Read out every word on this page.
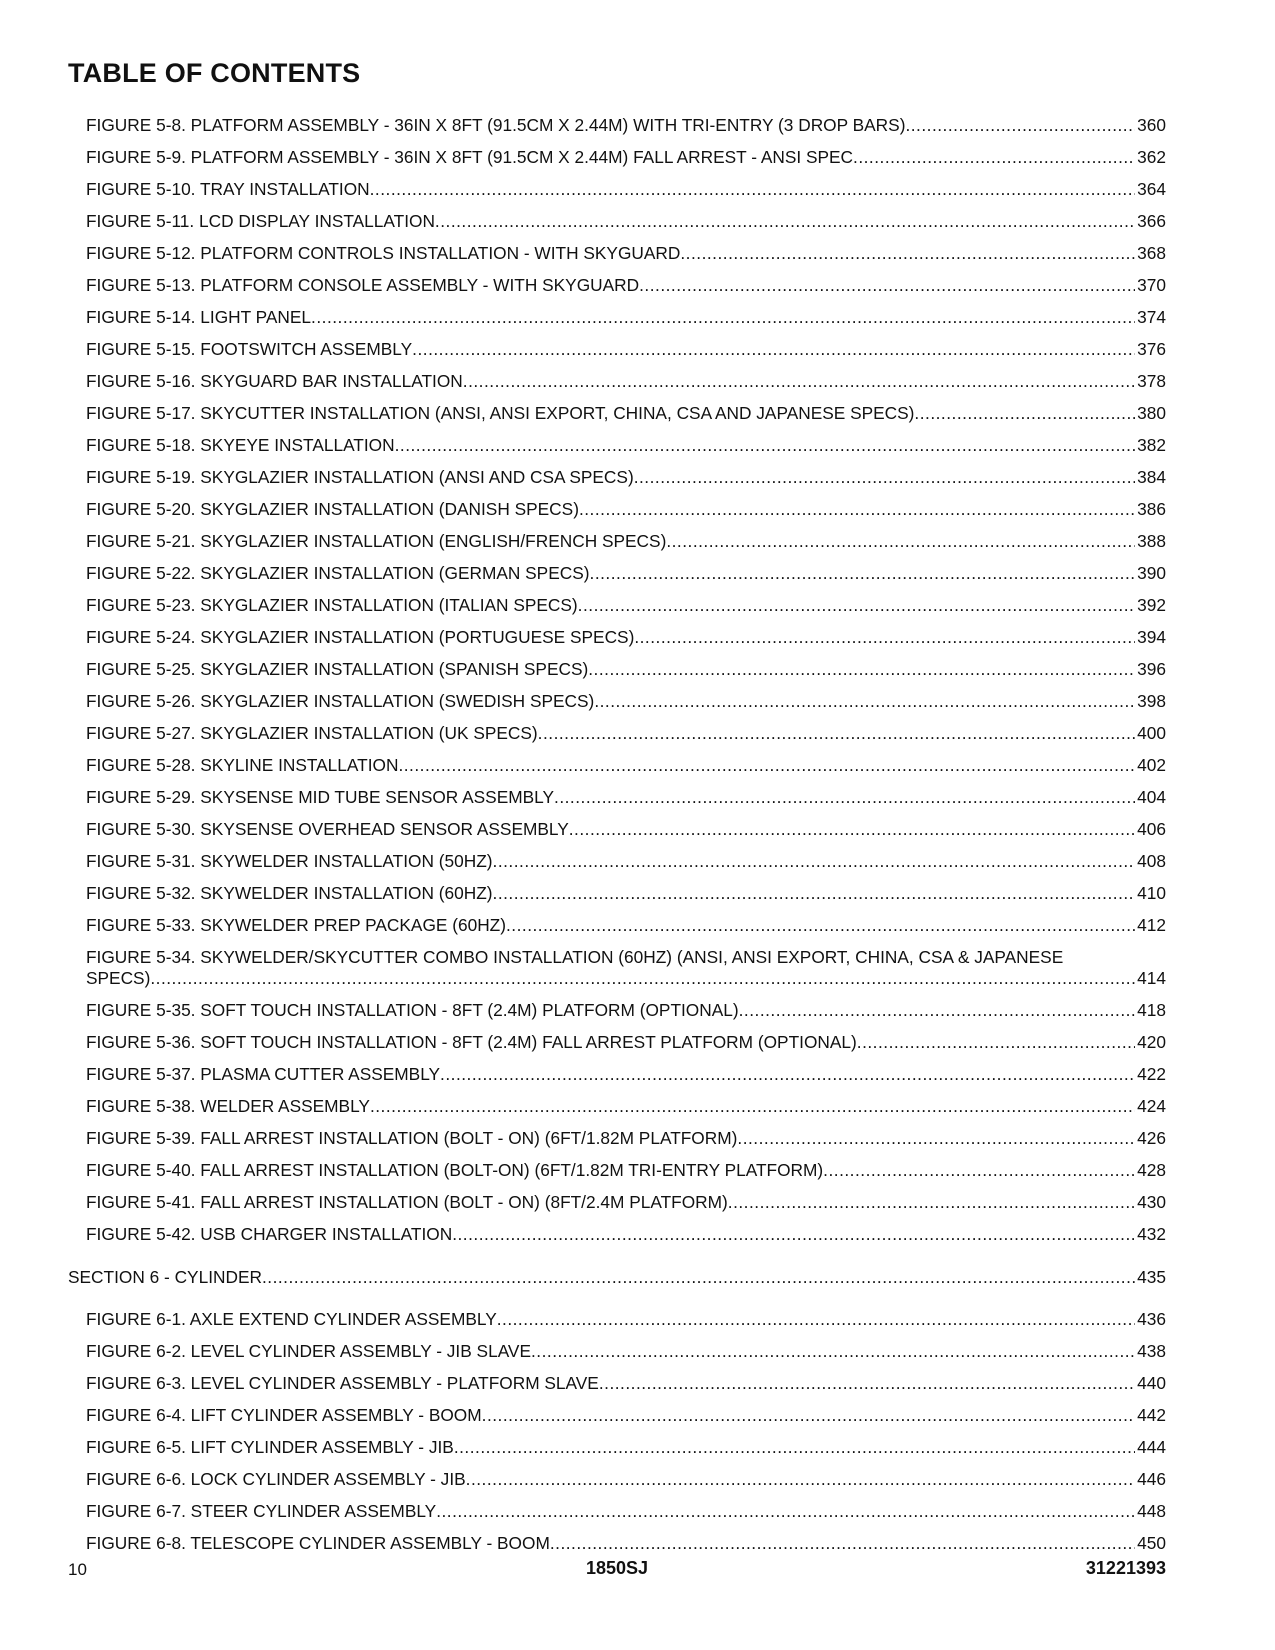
TABLE OF CONTENTS
FIGURE 5-8. PLATFORM ASSEMBLY - 36IN X 8FT (91.5CM X 2.44M) WITH TRI-ENTRY (3 DROP BARS) .....	360
FIGURE 5-9. PLATFORM ASSEMBLY - 36IN X 8FT (91.5CM X 2.44M) FALL ARREST - ANSI SPEC .....	362
FIGURE 5-10. TRAY INSTALLATION .....	364
FIGURE 5-11. LCD DISPLAY INSTALLATION .....	366
FIGURE 5-12. PLATFORM CONTROLS INSTALLATION - WITH SKYGUARD .....	368
FIGURE 5-13. PLATFORM CONSOLE ASSEMBLY - WITH SKYGUARD .....	370
FIGURE 5-14. LIGHT PANEL .....	374
FIGURE 5-15. FOOTSWITCH ASSEMBLY .....	376
FIGURE 5-16. SKYGUARD BAR INSTALLATION .....	378
FIGURE 5-17. SKYCUTTER INSTALLATION (ANSI, ANSI EXPORT, CHINA, CSA AND JAPANESE SPECS) .....	380
FIGURE 5-18. SKYEYE INSTALLATION .....	382
FIGURE 5-19. SKYGLAZIER INSTALLATION (ANSI AND CSA SPECS) .....	384
FIGURE 5-20. SKYGLAZIER INSTALLATION (DANISH SPECS) .....	386
FIGURE 5-21. SKYGLAZIER INSTALLATION (ENGLISH/FRENCH SPECS) .....	388
FIGURE 5-22. SKYGLAZIER INSTALLATION (GERMAN SPECS) .....	390
FIGURE 5-23. SKYGLAZIER INSTALLATION (ITALIAN SPECS) .....	392
FIGURE 5-24. SKYGLAZIER INSTALLATION (PORTUGUESE SPECS) .....	394
FIGURE 5-25. SKYGLAZIER INSTALLATION (SPANISH SPECS) .....	396
FIGURE 5-26. SKYGLAZIER INSTALLATION (SWEDISH SPECS) .....	398
FIGURE 5-27. SKYGLAZIER INSTALLATION (UK SPECS) .....	400
FIGURE 5-28. SKYLINE INSTALLATION .....	402
FIGURE 5-29. SKYSENSE MID TUBE SENSOR ASSEMBLY .....	404
FIGURE 5-30. SKYSENSE OVERHEAD SENSOR ASSEMBLY .....	406
FIGURE 5-31. SKYWELDER INSTALLATION (50HZ) .....	408
FIGURE 5-32. SKYWELDER INSTALLATION (60HZ) .....	410
FIGURE 5-33. SKYWELDER PREP PACKAGE (60HZ) .....	412
FIGURE 5-34. SKYWELDER/SKYCUTTER COMBO INSTALLATION (60HZ) (ANSI, ANSI EXPORT, CHINA, CSA & JAPANESE
SPECS) .....	414
FIGURE 5-35. SOFT TOUCH INSTALLATION - 8FT (2.4M) PLATFORM (OPTIONAL) .....	418
FIGURE 5-36. SOFT TOUCH INSTALLATION - 8FT (2.4M) FALL ARREST PLATFORM (OPTIONAL) .....	420
FIGURE 5-37. PLASMA CUTTER ASSEMBLY .....	422
FIGURE 5-38. WELDER ASSEMBLY .....	424
FIGURE 5-39. FALL ARREST INSTALLATION (BOLT - ON) (6FT/1.82M PLATFORM) .....	426
FIGURE 5-40. FALL ARREST INSTALLATION (BOLT-ON) (6FT/1.82M TRI-ENTRY PLATFORM) .....	428
FIGURE 5-41. FALL ARREST INSTALLATION (BOLT - ON) (8FT/2.4M PLATFORM) .....	430
FIGURE 5-42. USB CHARGER INSTALLATION .....	432
SECTION 6 - CYLINDER .....	435
FIGURE 6-1. AXLE EXTEND CYLINDER ASSEMBLY .....	436
FIGURE 6-2. LEVEL CYLINDER ASSEMBLY - JIB SLAVE .....	438
FIGURE 6-3. LEVEL CYLINDER ASSEMBLY - PLATFORM SLAVE .....	440
FIGURE 6-4. LIFT CYLINDER ASSEMBLY - BOOM .....	442
FIGURE 6-5. LIFT CYLINDER ASSEMBLY - JIB .....	444
FIGURE 6-6. LOCK CYLINDER ASSEMBLY - JIB .....	446
FIGURE 6-7. STEER CYLINDER ASSEMBLY .....	448
FIGURE 6-8. TELESCOPE CYLINDER ASSEMBLY - BOOM .....	450
10	1850SJ	31221393
